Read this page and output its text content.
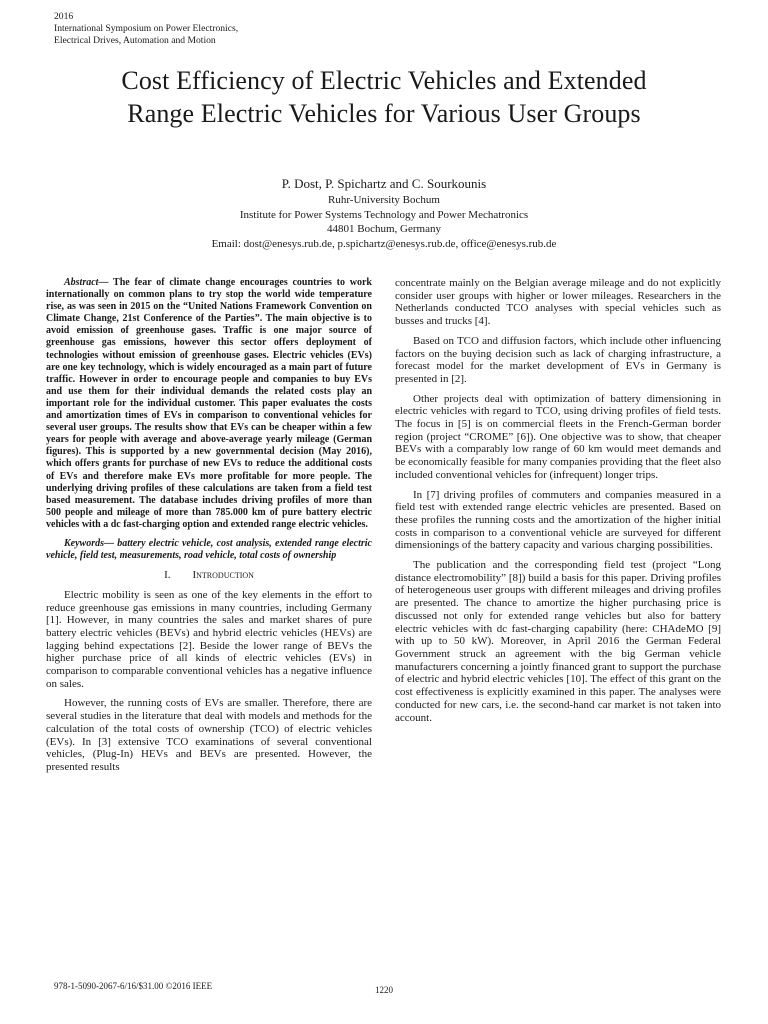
2016
International Symposium on Power Electronics,
Electrical Drives, Automation and Motion
Cost Efficiency of Electric Vehicles and Extended
Range Electric Vehicles for Various User Groups
P. Dost, P. Spichartz and C. Sourkounis
Ruhr-University Bochum
Institute for Power Systems Technology and Power Mechatronics
44801 Bochum, Germany
Email: dost@enesys.rub.de, p.spichartz@enesys.rub.de, office@enesys.rub.de

Abstract— The fear of climate change encourages countries to work internationally on common plans to try stop the world wide temperature rise, as was seen in 2015 on the “United Nations Framework Convention on Climate Change, 21st Conference of the Parties”. The main objective is to avoid emission of greenhouse gases. Traffic is one major source of greenhouse gas emissions, however this sector offers deployment of technologies without emission of greenhouse gases. Electric vehicles (EVs) are one key technology, which is widely encouraged as a main part of future traffic. However in order to encourage people and companies to buy EVs and use them for their individual demands the related costs play an important role for the individual customer. This paper evaluates the costs and amortization times of EVs in comparison to conventional vehicles for several user groups. The results show that EVs can be cheaper within a few years for people with average and above-average yearly mileage (German figures). This is supported by a new governmental decision (May 2016), which offers grants for purchase of new EVs to reduce the additional costs of EVs and therefore make EVs more profitable for more people. The underlying driving profiles of these calculations are taken from a field test based measurement. The database includes driving profiles of more than 500 people and mileage of more than 785.000 km of pure battery electric vehicles with a dc fast-charging option and extended range electric vehicles.

Keywords— battery electric vehicle, cost analysis, extended range electric vehicle, field test, measurements, road vehicle, total costs of ownership

I. Introduction

Electric mobility is seen as one of the key elements in the effort to reduce greenhouse gas emissions in many countries, including Germany [1]. However, in many countries the sales and market shares of pure battery electric vehicles (BEVs) and hybrid electric vehicles (HEVs) are lagging behind expectations [2]. Beside the lower range of BEVs the higher purchase price of all kinds of electric vehicles (EVs) in comparison to comparable conventional vehicles has a negative influence on sales.

However, the running costs of EVs are smaller. Therefore, there are several studies in the literature that deal with models and methods for the calculation of the total costs of ownership (TCO) of electric vehicles (EVs). In [3] extensive TCO examinations of several conventional vehicles, (Plug-In) HEVs and BEVs are presented. However, the presented results

concentrate mainly on the Belgian average mileage and do not explicitly consider user groups with higher or lower mileages. Researchers in the Netherlands conducted TCO analyses with special vehicles such as busses and trucks [4].

Based on TCO and diffusion factors, which include other influencing factors on the buying decision such as lack of charging infrastructure, a forecast model for the market development of EVs in Germany is presented in [2].

Other projects deal with optimization of battery dimensioning in electric vehicles with regard to TCO, using driving profiles of field tests. The focus in [5] is on commercial fleets in the French-German border region (project “CROME” [6]). One objective was to show, that cheaper BEVs with a comparably low range of 60 km would meet demands and be economically feasible for many companies providing that the fleet also included conventional vehicles for (infrequent) longer trips.

In [7] driving profiles of commuters and companies measured in a field test with extended range electric vehicles are presented. Based on these profiles the running costs and the amortization of the higher initial costs in comparison to a conventional vehicle are surveyed for different dimensionings of the battery capacity and various charging possibilities.

The publication and the corresponding field test (project “Long distance electromobility” [8]) build a basis for this paper. Driving profiles of heterogeneous user groups with different mileages and driving profiles are presented. The chance to amortize the higher purchasing price is discussed not only for extended range vehicles but also for battery electric vehicles with dc fast-charging capability (here: CHAdeMO [9] with up to 50 kW). Moreover, in April 2016 the German Federal Government struck an agreement with the big German vehicle manufacturers concerning a jointly financed grant to support the purchase of electric and hybrid electric vehicles [10]. The effect of this grant on the cost effectiveness is explicitly examined in this paper. The analyses were conducted for new cars, i.e. the second-hand car market is not taken into account.

978-1-5090-2067-6/16/$31.00 ©2016 IEEE	1220
